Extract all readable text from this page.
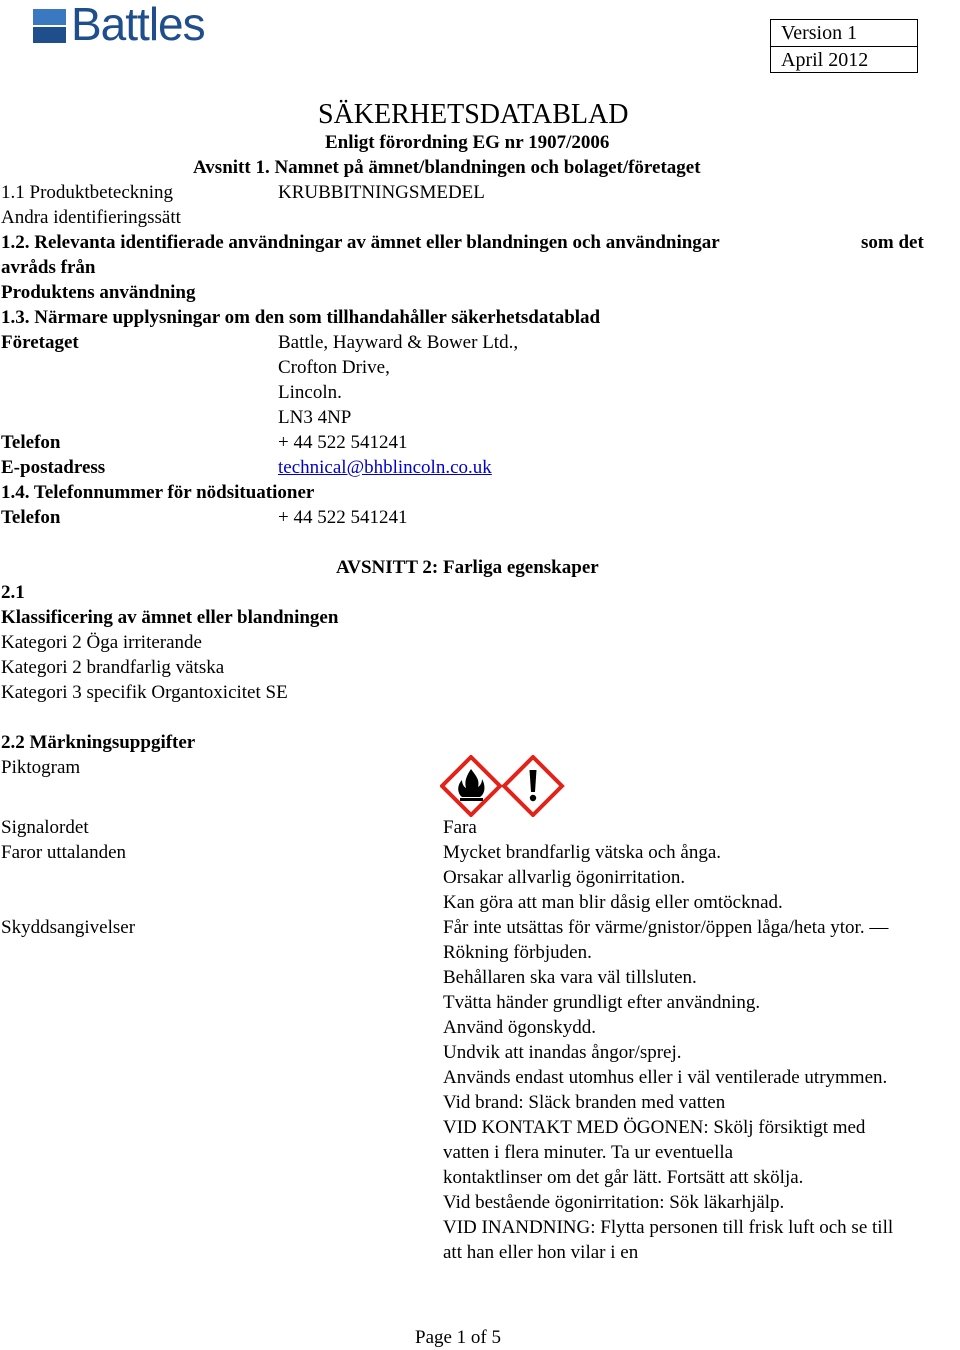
Battles	Version 1
April 2012
SÄKERHETSDATABLAD
Enligt förordning EG nr 1907/2006
Avsnitt 1. Namnet på ämnet/blandningen och bolaget/företaget
1.1 Produktbeteckning	KRUBBITNINGSMEDEL
Andra identifieringssätt
1.2. Relevanta identifierade användningar av ämnet eller blandningen och användningar	som det
avråds från
Produktens användning
1.3. Närmare upplysningar om den som tillhandahåller säkerhetsdatablad
Företaget	Battle, Hayward & Bower Ltd.,
Crofton Drive,
Lincoln.
LN3 4NP
Telefon	+ 44 522 541241
E-postadress	technical@bhblincoln.co.uk
1.4. Telefonnummer för nödsituationer
Telefon	+ 44 522 541241
AVSNITT 2: Farliga egenskaper
2.1
Klassificering av ämnet eller blandningen
Kategori 2 Öga irriterande
Kategori 2 brandfarlig vätska
Kategori 3 specifik Organtoxicitet SE
2.2 Märkningsuppgifter
Piktogram
Signalordet	Fara
Faror uttalanden	Mycket brandfarlig vätska och ånga.
Orsakar allvarlig ögonirritation.
Kan göra att man blir dåsig eller omtöcknad.
Skyddsangivelser	Får inte utsättas för värme/gnistor/öppen låga/heta ytor. —
Rökning förbjuden.
Behållaren ska vara väl tillsluten.
Tvätta händer grundligt efter användning.
Använd ögonskydd.
Undvik att inandas ångor/sprej.
Används endast utomhus eller i väl ventilerade utrymmen.
Vid brand: Släck branden med vatten
VID KONTAKT MED ÖGONEN: Skölj försiktigt med
vatten i flera minuter. Ta ur eventuella
kontaktlinser om det går lätt. Fortsätt att skölja.
Vid bestående ögonirritation: Sök läkarhjälp.
VID INANDNING: Flytta personen till frisk luft och se till
att han eller hon vilar i en
Page 1 of 5
